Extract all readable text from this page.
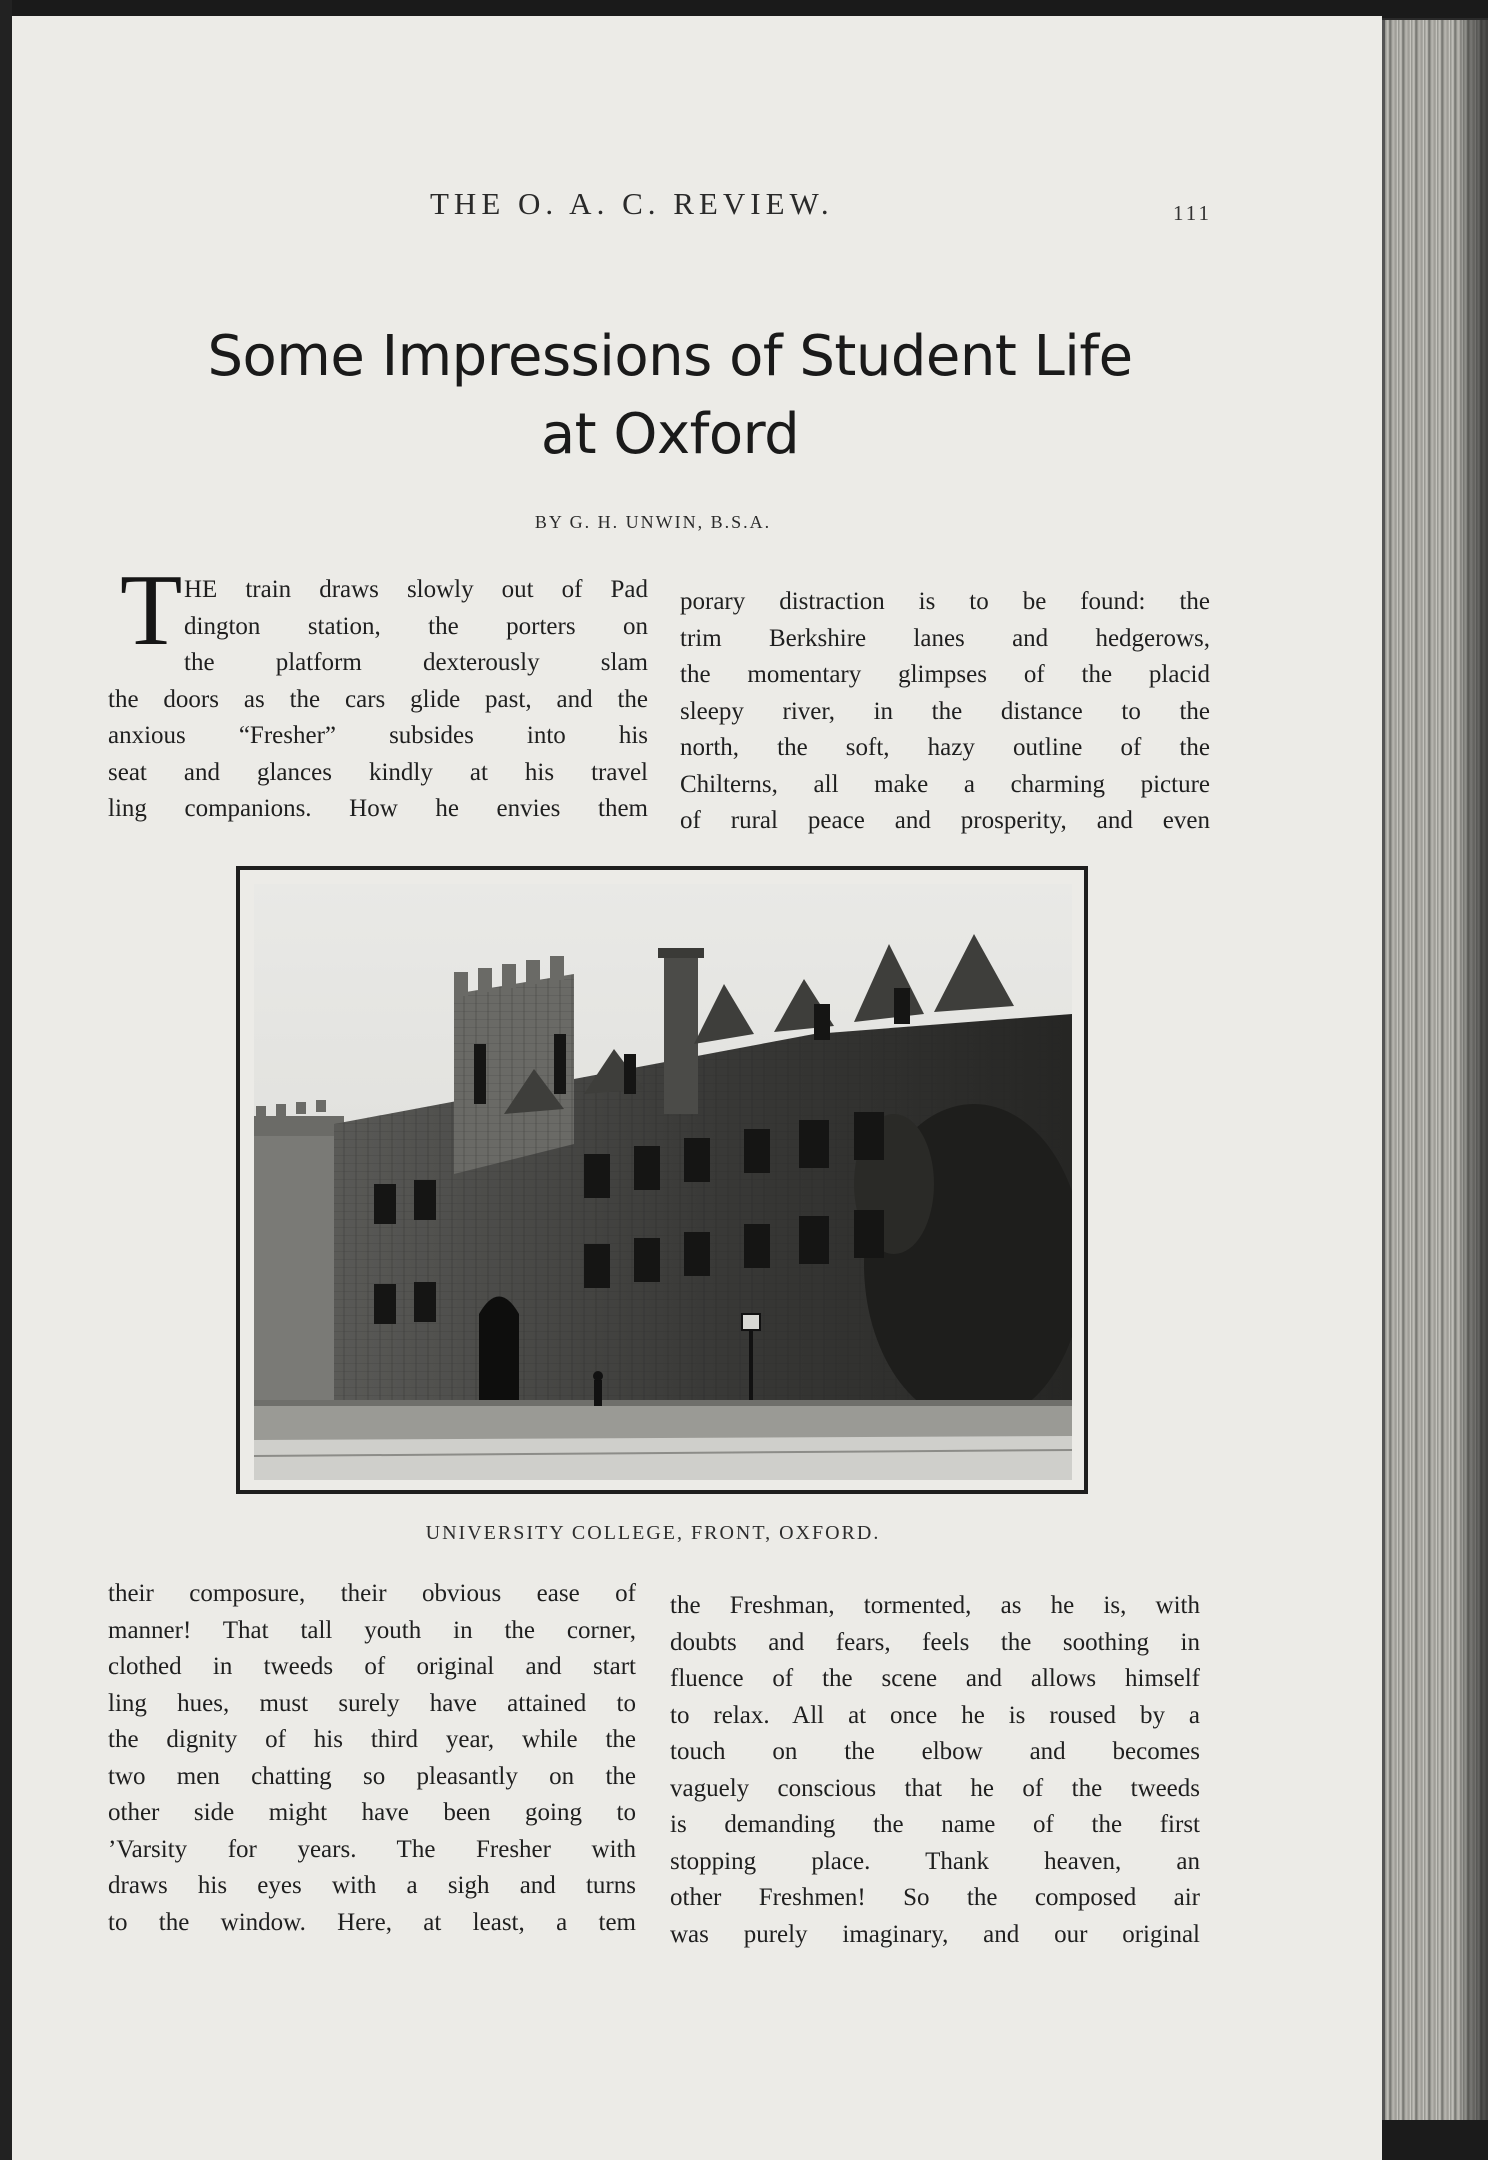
THE O. A. C. REVIEW.	111
Some Impressions of Student Life
at Oxford
BY G. H. UNWIN, B.S.A.
T HE train draws slowly out of Pad
dington station, the porters on
the platform dexterously slam
the doors as the cars glide past, and the
anxious “Fresher” subsides into his
seat and glances kindly at his travel
ling companions. How he envies them
porary distraction is to be found: the
trim Berkshire lanes and hedgerows,
the momentary glimpses of the placid
sleepy river, in the distance to the
north, the soft, hazy outline of the
Chilterns, all make a charming picture
of rural peace and prosperity, and even
UNIVERSITY COLLEGE, FRONT, OXFORD.
their composure, their obvious ease of
manner! That tall youth in the corner,
clothed in tweeds of original and start
ling hues, must surely have attained to
the dignity of his third year, while the
two men chatting so pleasantly on the
other side might have been going to
’Varsity for years. The Fresher with
draws his eyes with a sigh and turns
to the window. Here, at least, a tem
the Freshman, tormented, as he is, with
doubts and fears, feels the soothing in
fluence of the scene and allows himself
to relax. All at once he is roused by a
touch on the elbow and becomes
vaguely conscious that he of the tweeds
is demanding the name of the first
stopping place. Thank heaven, an
other Freshmen! So the composed air
was purely imaginary, and our original
